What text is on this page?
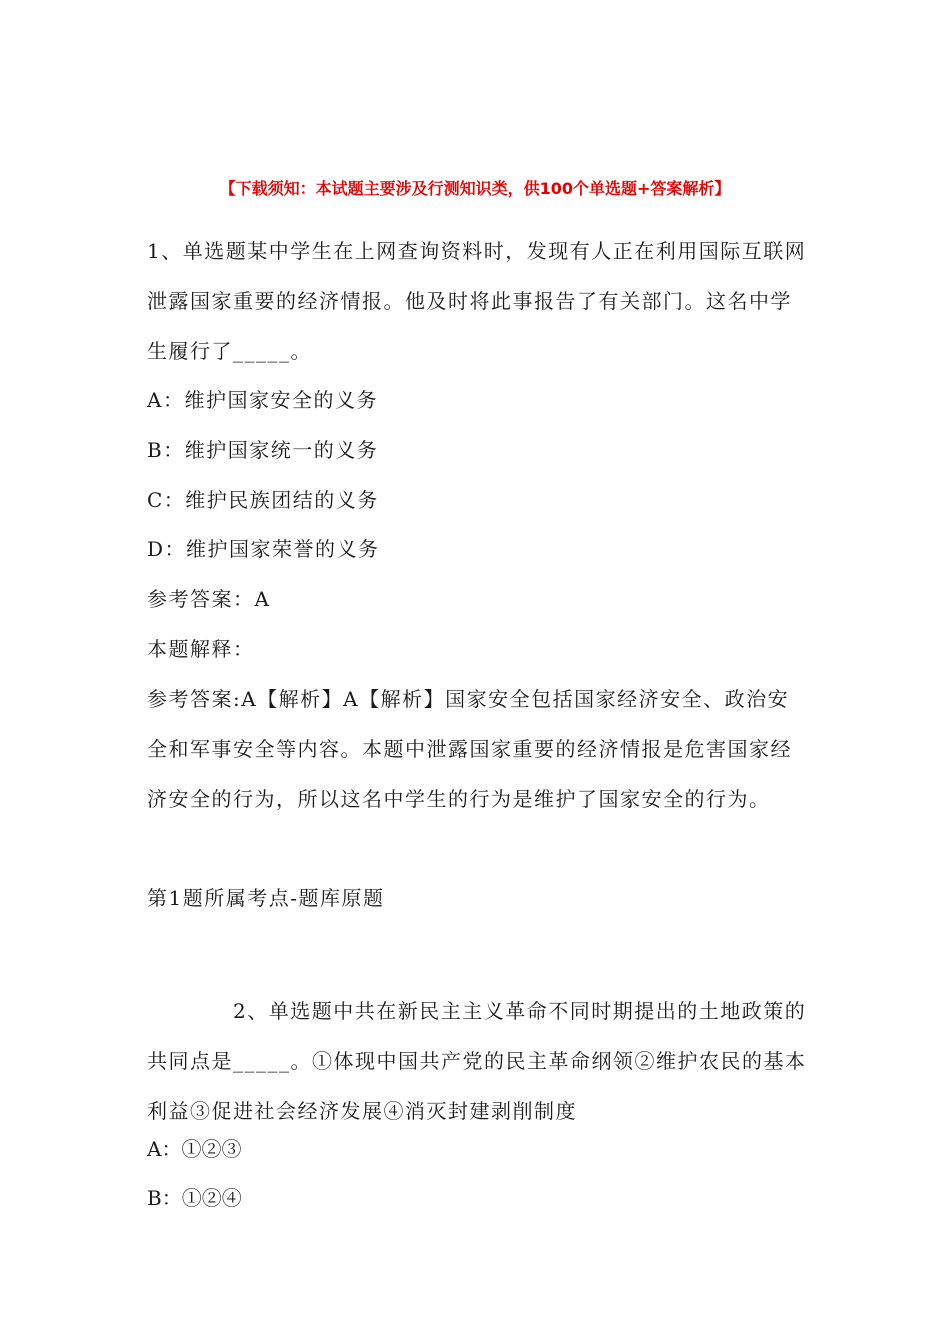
【下载须知：本试题主要涉及行测知识类，供100个单选题+答案解析】

1、单选题某中学生在上网查询资料时，发现有人正在利用国际互联网泄露国家重要的经济情报。他及时将此事报告了有关部门。这名中学生履行了_____。

A：维护国家安全的义务
B：维护国家统一的义务
C：维护民族团结的义务
D：维护国家荣誉的义务
参考答案：A
本题解释：

参考答案:A【解析】A【解析】国家安全包括国家经济安全、政治安全和军事安全等内容。本题中泄露国家重要的经济情报是危害国家经济安全的行为，所以这名中学生的行为是维护了国家安全的行为。

第1题所属考点-题库原题

2、单选题中共在新民主主义革命不同时期提出的土地政策的共同点是_____。①体现中国共产党的民主革命纲领②维护农民的基本利益③促进社会经济发展④消灭封建剥削制度

A：①②③
B：①②④
